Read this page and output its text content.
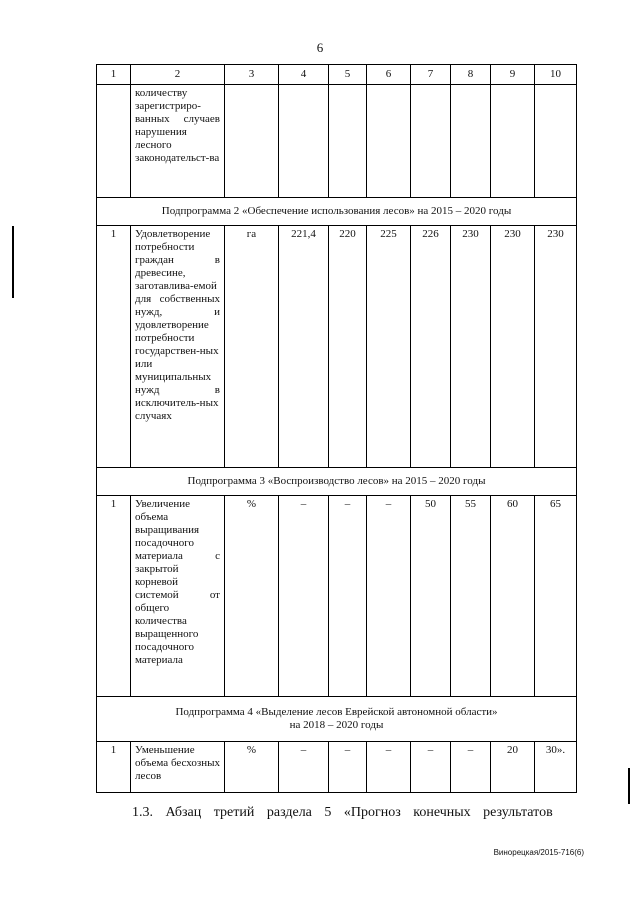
6
1	2	3	4	5	6	7	8	9	10
	количеству зарегистриро-ванных случаев нарушения лесного законодательст-ва								
Подпрограмма 2 «Обеспечение использования лесов» на 2015 – 2020 годы									
1	Удовлетворение потребности граждан в древесине, заготавлива-емой для собственных нужд, и удовлетворение потребности государствен-ных или муниципальных нужд в исключитель-ных случаях	га	221,4	220	225	226	230	230	230
Подпрограмма 3 «Воспроизводство лесов» на 2015 – 2020 годы									
1	Увеличение объема выращивания посадочного материала с закрытой корневой системой от общего количества выращенного посадочного материала	%	–	–	–	50	55	60	65

Подпрограмма 4 «Выделение лесов Еврейской автономной области»
на 2018 – 2020 годы									

1	Уменьшение объема бесхозных лесов	%	–	–	–	–	–	20	30».
1.3. Абзац третий раздела 5 «Прогноз конечных результатов
Винорецкая/2015-716(6)
